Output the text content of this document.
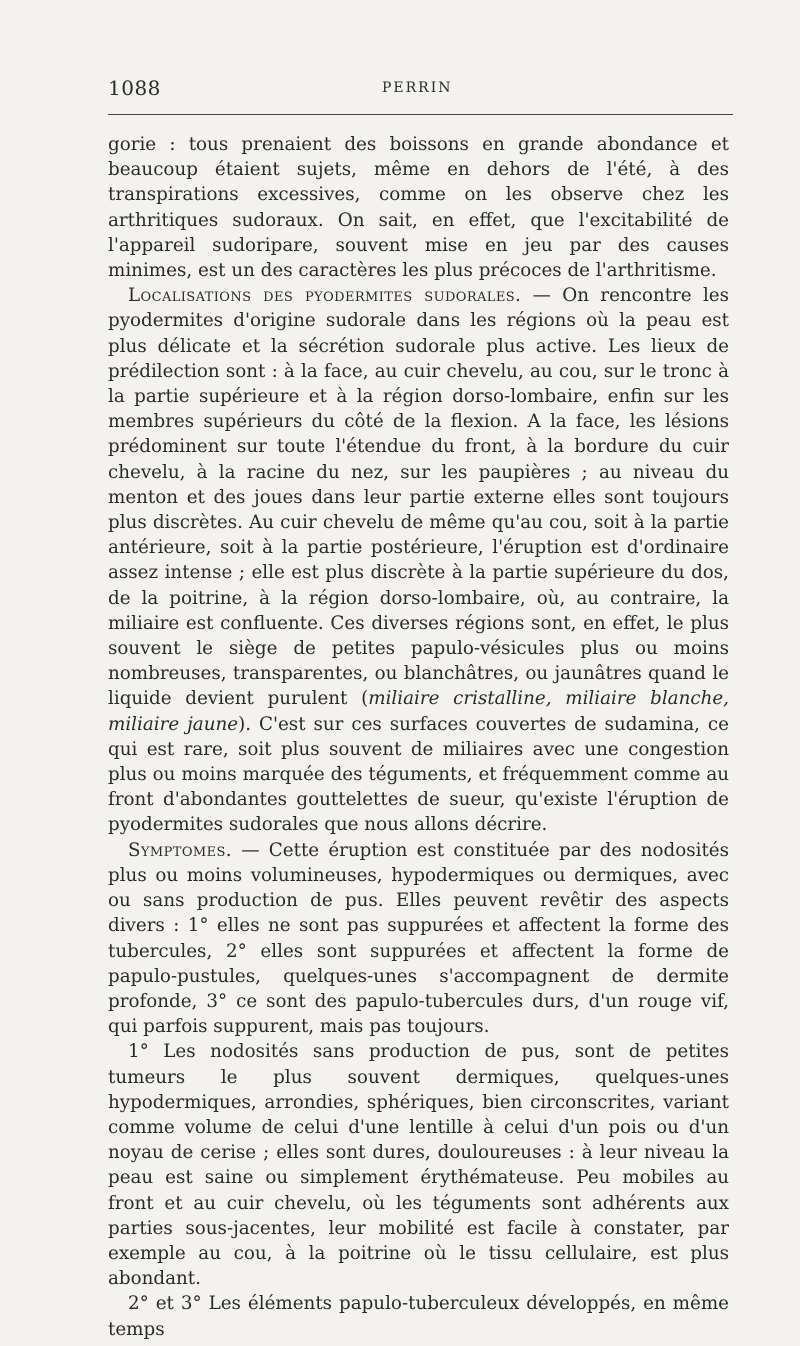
1088	PERRIN

gorie : tous prenaient des boissons en grande abondance et beaucoup étaient sujets, même en dehors de l'été, à des transpirations excessives, comme on les observe chez les arthritiques sudoraux. On sait, en effet, que l'excitabilité de l'appareil sudoripare, souvent mise en jeu par des causes minimes, est un des caractères les plus précoces de l'arthritisme.

Localisations des pyodermites sudorales. — On rencontre les pyodermites d'origine sudorale dans les régions où la peau est plus délicate et la sécrétion sudorale plus active. Les lieux de prédilection sont : à la face, au cuir chevelu, au cou, sur le tronc à la partie supérieure et à la région dorso-lombaire, enfin sur les membres supérieurs du côté de la flexion. A la face, les lésions prédominent sur toute l'étendue du front, à la bordure du cuir chevelu, à la racine du nez, sur les paupières ; au niveau du menton et des joues dans leur partie externe elles sont toujours plus discrètes. Au cuir chevelu de même qu'au cou, soit à la partie antérieure, soit à la partie postérieure, l'éruption est d'ordinaire assez intense ; elle est plus discrète à la partie supérieure du dos, de la poitrine, à la région dorso-lombaire, où, au contraire, la miliaire est confluente. Ces diverses régions sont, en effet, le plus souvent le siège de petites papulo-vésicules plus ou moins nombreuses, transparentes, ou blanchâtres, ou jaunâtres quand le liquide devient purulent (miliaire cristalline, miliaire blanche, miliaire jaune). C'est sur ces surfaces couvertes de sudamina, ce qui est rare, soit plus souvent de miliaires avec une congestion plus ou moins marquée des téguments, et fréquemment comme au front d'abondantes gouttelettes de sueur, qu'existe l'éruption de pyodermites sudorales que nous allons décrire.

Symptomes. — Cette éruption est constituée par des nodosités plus ou moins volumineuses, hypodermiques ou dermiques, avec ou sans production de pus. Elles peuvent revêtir des aspects divers : 1° elles ne sont pas suppurées et affectent la forme des tubercules, 2° elles sont suppurées et affectent la forme de papulo-pustules, quelques-unes s'accompagnent de dermite profonde, 3° ce sont des papulo-tubercules durs, d'un rouge vif, qui parfois suppurent, mais pas toujours.

1° Les nodosités sans production de pus, sont de petites tumeurs le plus souvent dermiques, quelques-unes hypodermiques, arrondies, sphériques, bien circonscrites, variant comme volume de celui d'une lentille à celui d'un pois ou d'un noyau de cerise ; elles sont dures, douloureuses : à leur niveau la peau est saine ou simplement érythémateuse. Peu mobiles au front et au cuir chevelu, où les téguments sont adhérents aux parties sous-jacentes, leur mobilité est facile à constater, par exemple au cou, à la poitrine où le tissu cellulaire, est plus abondant.

2° et 3° Les éléments papulo-tuberculeux développés, en même temps
